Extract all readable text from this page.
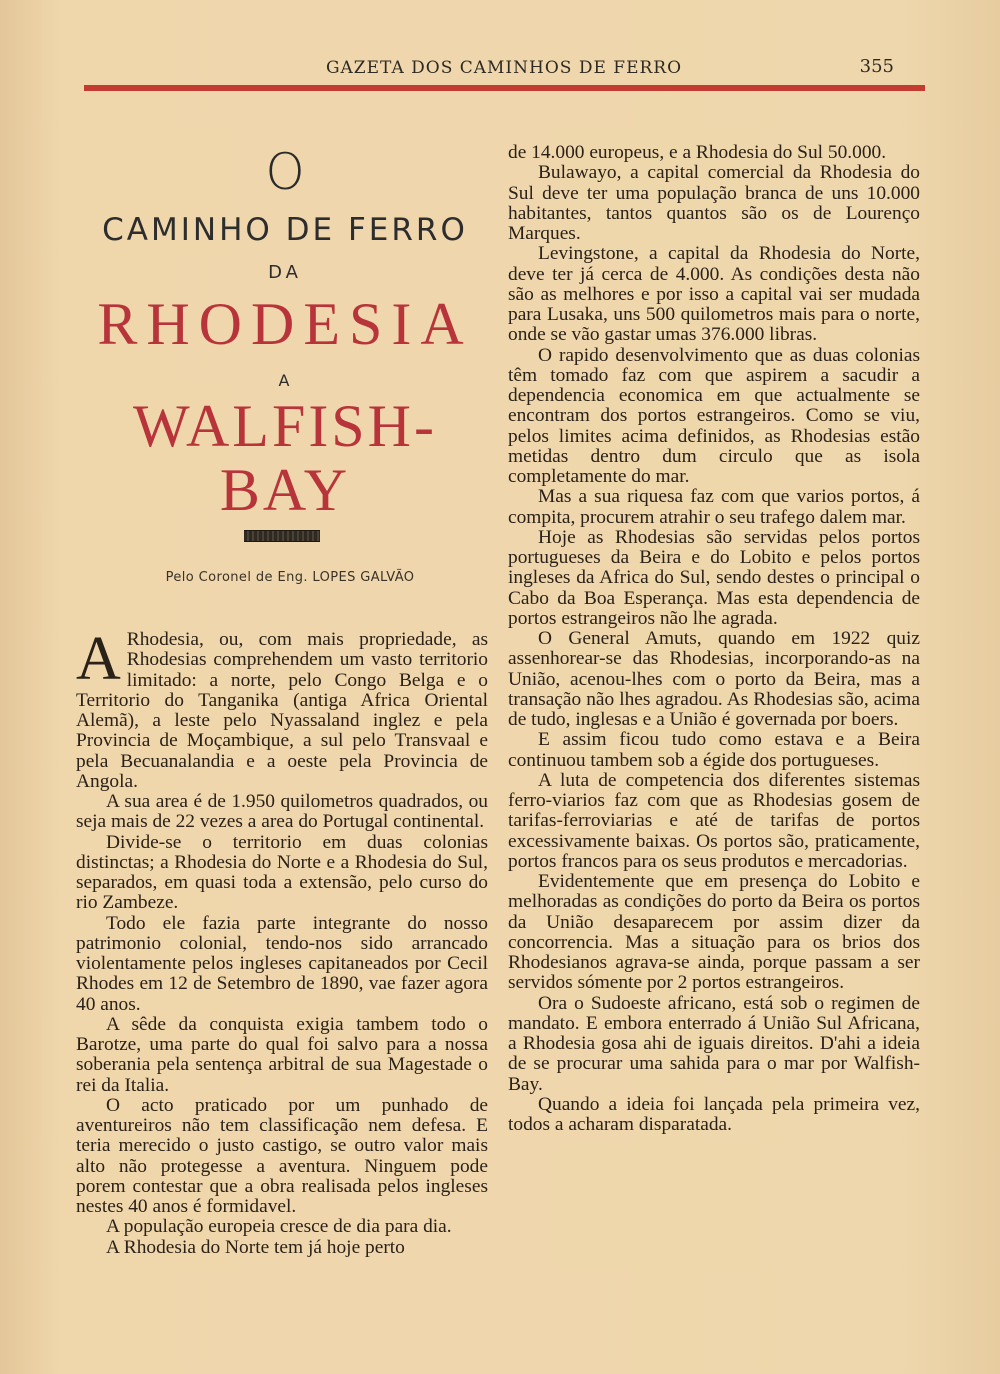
GAZETA DOS CAMINHOS DE FERRO	355
O
CAMINHO DE FERRO
DA
RHODESIA
A
WALFISH-BAY
Pelo Coronel de Eng. LOPES GALVÃO

A Rhodesia, ou, com mais propriedade, as Rhodesias comprehendem um vasto territorio limitado: a norte, pelo Congo Belga e o Territorio do Tanganika (antiga Africa Oriental Alemã), a leste pelo Nyassaland inglez e pela Provincia de Moçambique, a sul pelo Transvaal e pela Becuanalandia e a oeste pela Provincia de Angola.

A sua area é de 1.950 quilometros quadrados, ou seja mais de 22 vezes a area do Portugal continental.

Divide-se o territorio em duas colonias distinctas; a Rhodesia do Norte e a Rhodesia do Sul, separados, em quasi toda a extensão, pelo curso do rio Zambeze.

Todo ele fazia parte integrante do nosso patrimonio colonial, tendo-nos sido arrancado violentamente pelos ingleses capitaneados por Cecil Rhodes em 12 de Setembro de 1890, vae fazer agora 40 anos.

A sêde da conquista exigia tambem todo o Barotze, uma parte do qual foi salvo para a nossa soberania pela sentença arbitral de sua Magestade o rei da Italia.

O acto praticado por um punhado de aventureiros não tem classificação nem defesa. E teria merecido o justo castigo, se outro valor mais alto não protegesse a aventura. Ninguem pode porem contestar que a obra realisada pelos ingleses nestes 40 anos é formidavel.

A população europeia cresce de dia para dia.

A Rhodesia do Norte tem já hoje perto

de 14.000 europeus, e a Rhodesia do Sul 50.000.

Bulawayo, a capital comercial da Rhodesia do Sul deve ter uma população branca de uns 10.000 habitantes, tantos quantos são os de Lourenço Marques.

Levingstone, a capital da Rhodesia do Norte, deve ter já cerca de 4.000. As condições desta não são as melhores e por isso a capital vai ser mudada para Lusaka, uns 500 quilometros mais para o norte, onde se vão gastar umas 376.000 libras.

O rapido desenvolvimento que as duas colonias têm tomado faz com que aspirem a sacudir a dependencia economica em que actualmente se encontram dos portos estrangeiros. Como se viu, pelos limites acima definidos, as Rhodesias estão metidas dentro dum circulo que as isola completamente do mar.

Mas a sua riquesa faz com que varios portos, á compita, procurem atrahir o seu trafego dalem mar.

Hoje as Rhodesias são servidas pelos portos portugueses da Beira e do Lobito e pelos portos ingleses da Africa do Sul, sendo destes o principal o Cabo da Boa Esperança. Mas esta dependencia de portos estrangeiros não lhe agrada.

O General Amuts, quando em 1922 quiz assenhorear-se das Rhodesias, incorporando-as na União, acenou-lhes com o porto da Beira, mas a transação não lhes agradou. As Rhodesias são, acima de tudo, inglesas e a União é governada por boers.

E assim ficou tudo como estava e a Beira continuou tambem sob a égide dos portugueses.

A luta de competencia dos diferentes sistemas ferro-viarios faz com que as Rhodesias gosem de tarifas-ferroviarias e até de tarifas de portos excessivamente baixas. Os portos são, praticamente, portos francos para os seus produtos e mercadorias.

Evidentemente que em presença do Lobito e melhoradas as condições do porto da Beira os portos da União desaparecem por assim dizer da concorrencia. Mas a situação para os brios dos Rhodesianos agrava-se ainda, porque passam a ser servidos sómente por 2 portos estrangeiros.

Ora o Sudoeste africano, está sob o regimen de mandato. E embora enterrado á União Sul Africana, a Rhodesia gosa ahi de iguais direitos. D'ahi a ideia de se procurar uma sahida para o mar por Walfish-Bay.

Quando a ideia foi lançada pela primeira vez, todos a acharam disparatada.
